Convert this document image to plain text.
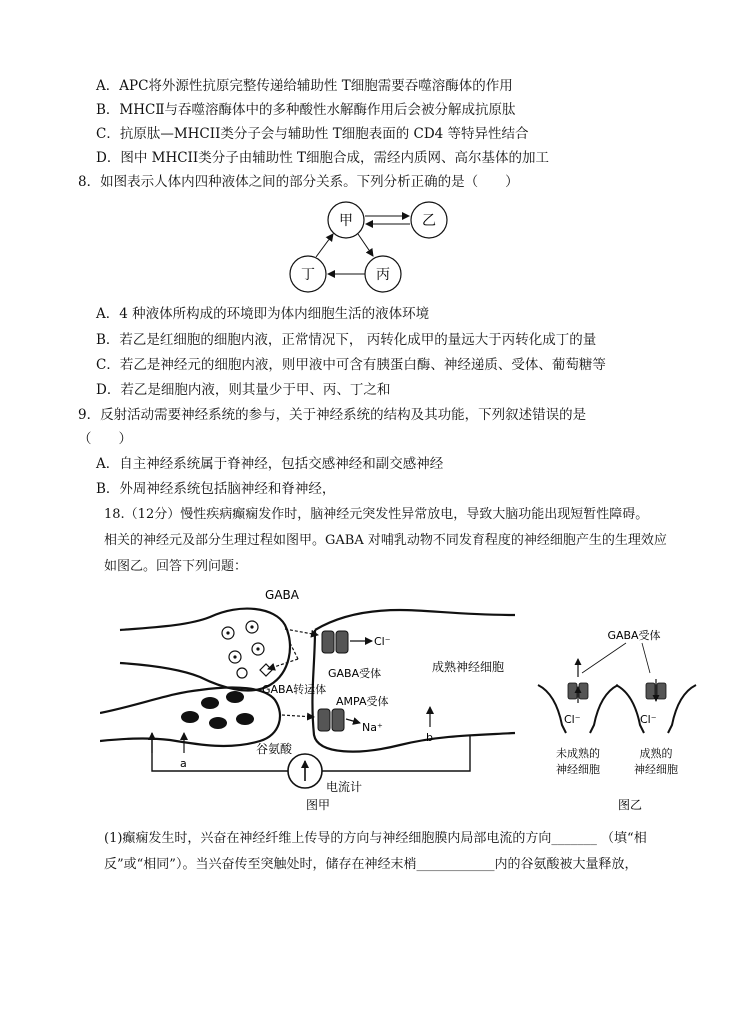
A．APC将外源性抗原完整传递给辅助性 T细胞需要吞噬溶酶体的作用
B．MHCⅡ与吞噬溶酶体中的多种酸性水解酶作用后会被分解成抗原肽
C．抗原肽—MHCII类分子会与辅助性 T细胞表面的 CD4 等特异性结合
D．图中 MHCII类分子由辅助性 T细胞合成，需经内质网、高尔基体的加工
8．如图表示人体内四种液体之间的部分关系。下列分析正确的是（　　）
甲	乙
丁	丙
A．4 种液体所构成的环境即为体内细胞生活的液体环境
B．若乙是红细胞的细胞内液，正常情况下， 丙转化成甲的量远大于丙转化成丁的量
C．若乙是神经元的细胞内液，则甲液中可含有胰蛋白酶、神经递质、受体、葡萄糖等
D．若乙是细胞内液，则其量少于甲、丙、丁之和
9．反射活动需要神经系统的参与，关于神经系统的结构及其功能，下列叙述错误的是
（　　）
A．自主神经系统属于脊神经，包括交感神经和副交感神经
B．外周神经系统包括脑神经和脊神经，
18.（12分）慢性疾病癫痫发作时，脑神经元突发性异常放电，导致大脑功能出现短暂性障碍。
相关的神经元及部分生理过程如图甲。GABA 对哺乳动物不同发育程度的神经细胞产生的生理效应
如图乙。回答下列问题：
GABA
Cl⁻
GABA受体	成熟神经细胞
GABA转运体
AMPA受体
Na⁺
谷氨酸
a
b
电流计
图甲
GABA受体
Cl⁻	Cl⁻
未成熟的
神经细胞
成熟的
神经细胞
图乙
(1)癫痫发生时，兴奋在神经纤维上传导的方向与神经细胞膜内局部电流的方向_______ （填“相
反”或“相同”）。当兴奋传至突触处时，储存在神经末梢____________内的谷氨酸被大量释放，
